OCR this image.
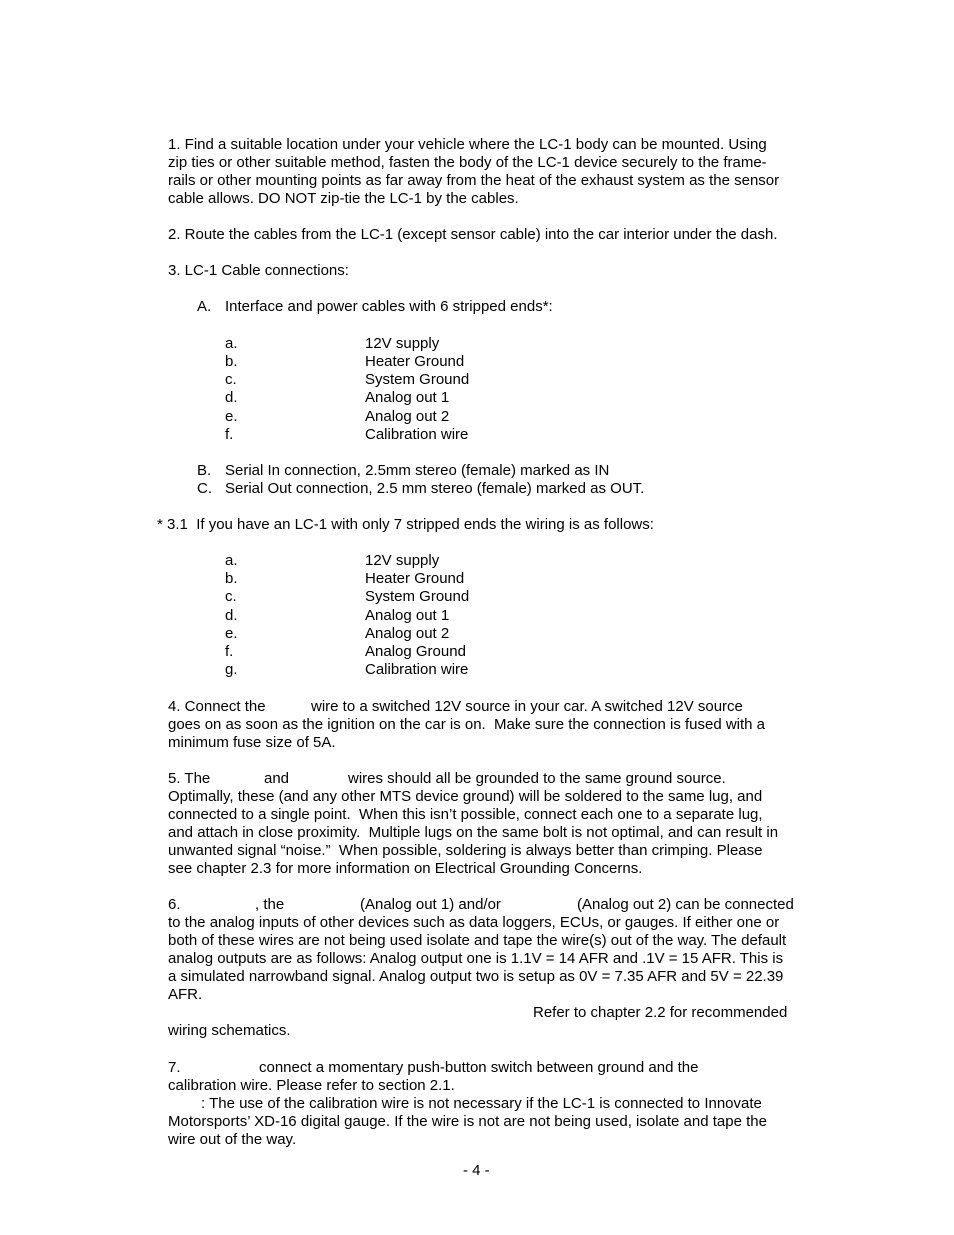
1. Find a suitable location under your vehicle where the LC-1 body can be mounted. Using
zip ties or other suitable method, fasten the body of the LC-1 device securely to the frame-
rails or other mounting points as far away from the heat of the exhaust system as the sensor
cable allows. DO NOT zip-tie the LC-1 by the cables.
2. Route the cables from the LC-1 (except sensor cable) into the car interior under the dash.
3. LC-1 Cable connections:
A. Interface and power cables with 6 stripped ends*:
a.	12V supply
b.	Heater Ground
c.	System Ground
d.	Analog out 1
e.	Analog out 2
f.	Calibration wire
B. Serial In connection, 2.5mm stereo (female) marked as IN
C. Serial Out connection, 2.5 mm stereo (female) marked as OUT.
* 3.1  If you have an LC-1 with only 7 stripped ends the wiring is as follows:
a.	12V supply
b.	Heater Ground
c.	System Ground
d.	Analog out 1
e.	Analog out 2
f.	Analog Ground
g.	Calibration wire
4. Connect the	wire to a switched 12V source in your car. A switched 12V source
goes on as soon as the ignition on the car is on.  Make sure the connection is fused with a
minimum fuse size of 5A.
5. The	and	wires should all be grounded to the same ground source.
Optimally, these (and any other MTS device ground) will be soldered to the same lug, and
connected to a single point.  When this isn’t possible, connect each one to a separate lug,
and attach in close proximity.  Multiple lugs on the same bolt is not optimal, and can result in
unwanted signal “noise.”  When possible, soldering is always better than crimping. Please
see chapter 2.3 for more information on Electrical Grounding Concerns.
6.	, the	(Analog out 1) and/or	(Analog out 2) can be connected
to the analog inputs of other devices such as data loggers, ECUs, or gauges. If either one or
both of these wires are not being used isolate and tape the wire(s) out of the way. The default
analog outputs are as follows: Analog output one is 1.1V = 14 AFR and .1V = 15 AFR. This is
a simulated narrowband signal. Analog output two is setup as 0V = 7.35 AFR and 5V = 22.39
AFR.
Refer to chapter 2.2 for recommended
wiring schematics.
7.	connect a momentary push-button switch between ground and the
calibration wire. Please refer to section 2.1.
: The use of the calibration wire is not necessary if the LC-1 is connected to Innovate
Motorsports’ XD-16 digital gauge. If the wire is not are not being used, isolate and tape the
wire out of the way.
- 4 -
